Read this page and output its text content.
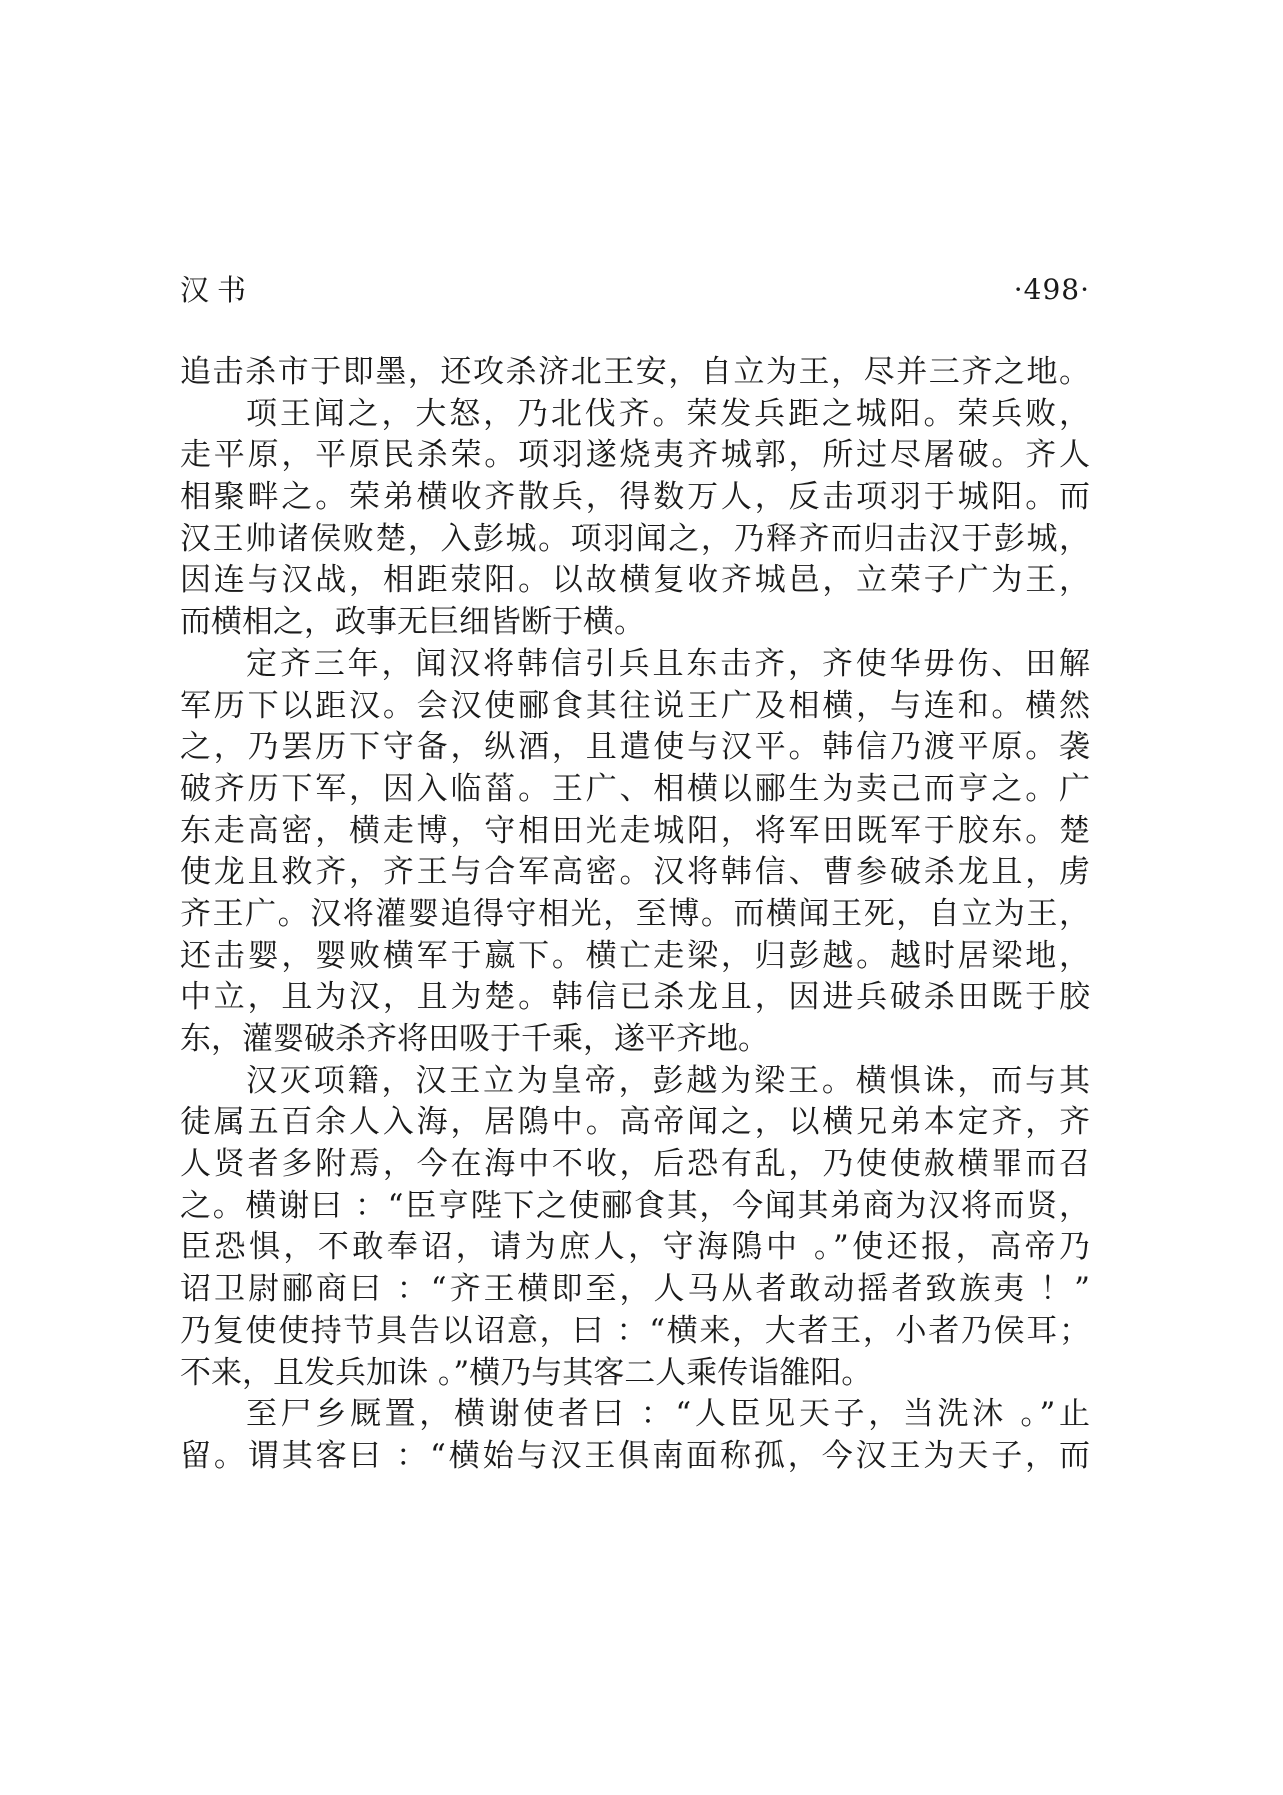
汉书	·498·
追击杀市于即墨，还攻杀济北王安，自立为王，尽并三齐之地。
项王闻之，大怒，乃北伐齐。荣发兵距之城阳。荣兵败，
走平原，平原民杀荣。项羽遂烧夷齐城郭，所过尽屠破。齐人
相聚畔之。荣弟横收齐散兵，得数万人，反击项羽于城阳。而
汉王帅诸侯败楚，入彭城。项羽闻之，乃释齐而归击汉于彭城，
因连与汉战，相距荥阳。以故横复收齐城邑，立荣子广为王，
而横相之，政事无巨细皆断于横。
定齐三年，闻汉将韩信引兵且东击齐，齐使华毋伤、田解
军历下以距汉。会汉使郦食其往说王广及相横，与连和。横然
之，乃罢历下守备，纵酒，且遣使与汉平。韩信乃渡平原。袭
破齐历下军，因入临菑。王广、相横以郦生为卖己而亨之。广
东走高密，横走博，守相田光走城阳，将军田既军于胶东。楚
使龙且救齐，齐王与合军高密。汉将韩信、曹参破杀龙且，虏
齐王广。汉将灌婴追得守相光，至博。而横闻王死，自立为王，
还击婴，婴败横军于嬴下。横亡走梁，归彭越。越时居梁地，
中立，且为汉，且为楚。韩信已杀龙且，因进兵破杀田既于胶
东，灌婴破杀齐将田吸于千乘，遂平齐地。
汉灭项籍，汉王立为皇帝，彭越为梁王。横惧诛，而与其
徒属五百余人入海，居隝中。高帝闻之，以横兄弟本定齐，齐
人贤者多附焉，今在海中不收，后恐有乱，乃使使赦横罪而召
之。横谢曰 ：“臣亨陛下之使郦食其，今闻其弟商为汉将而贤，
臣恐惧，不敢奉诏，请为庶人，守海隝中 。”使还报，高帝乃
诏卫尉郦商曰 ：“齐王横即至，人马从者敢动摇者致族夷 ！”
乃复使使持节具告以诏意，曰 ：“横来，大者王，小者乃侯耳；
不来，且发兵加诛 。”横乃与其客二人乘传诣雒阳。
至尸乡厩置，横谢使者曰 ：“人臣见天子，当洗沐 。”止
留。谓其客曰 ：“横始与汉王俱南面称孤，今汉王为天子，而
